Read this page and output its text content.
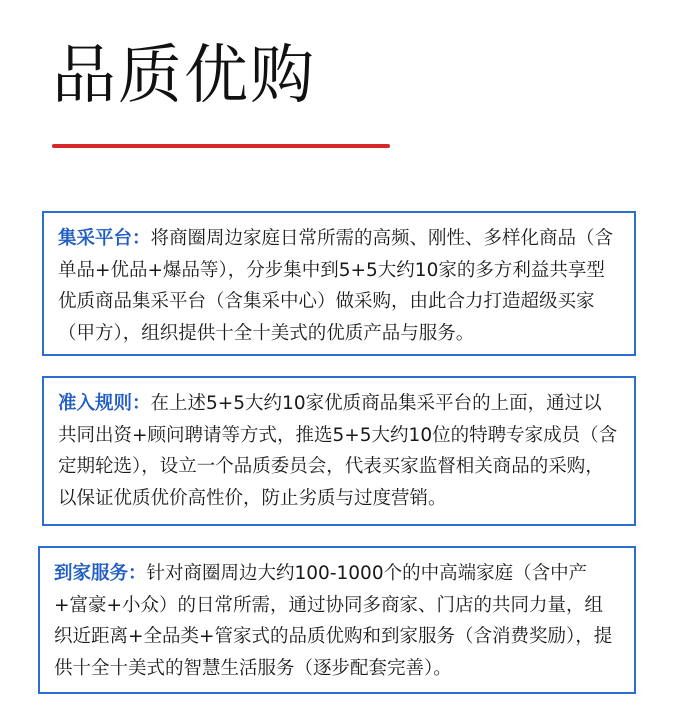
品质优购

集采平台：将商圈周边家庭日常所需的高频、刚性、多样化商品（含单品+优品+爆品等），分步集中到5+5大约10家的多方利益共享型优质商品集采平台（含集采中心）做采购，由此合力打造超级买家（甲方），组织提供十全十美式的优质产品与服务。

准入规则：在上述5+5大约10家优质商品集采平台的上面，通过以共同出资+顾问聘请等方式，推选5+5大约10位的特聘专家成员（含定期轮选），设立一个品质委员会，代表买家监督相关商品的采购，以保证优质优价高性价，防止劣质与过度营销。

到家服务：针对商圈周边大约100-1000个的中高端家庭（含中产+富豪+小众）的日常所需，通过协同多商家、门店的共同力量，组织近距离+全品类+管家式的品质优购和到家服务（含消费奖励），提供十全十美式的智慧生活服务（逐步配套完善）。
